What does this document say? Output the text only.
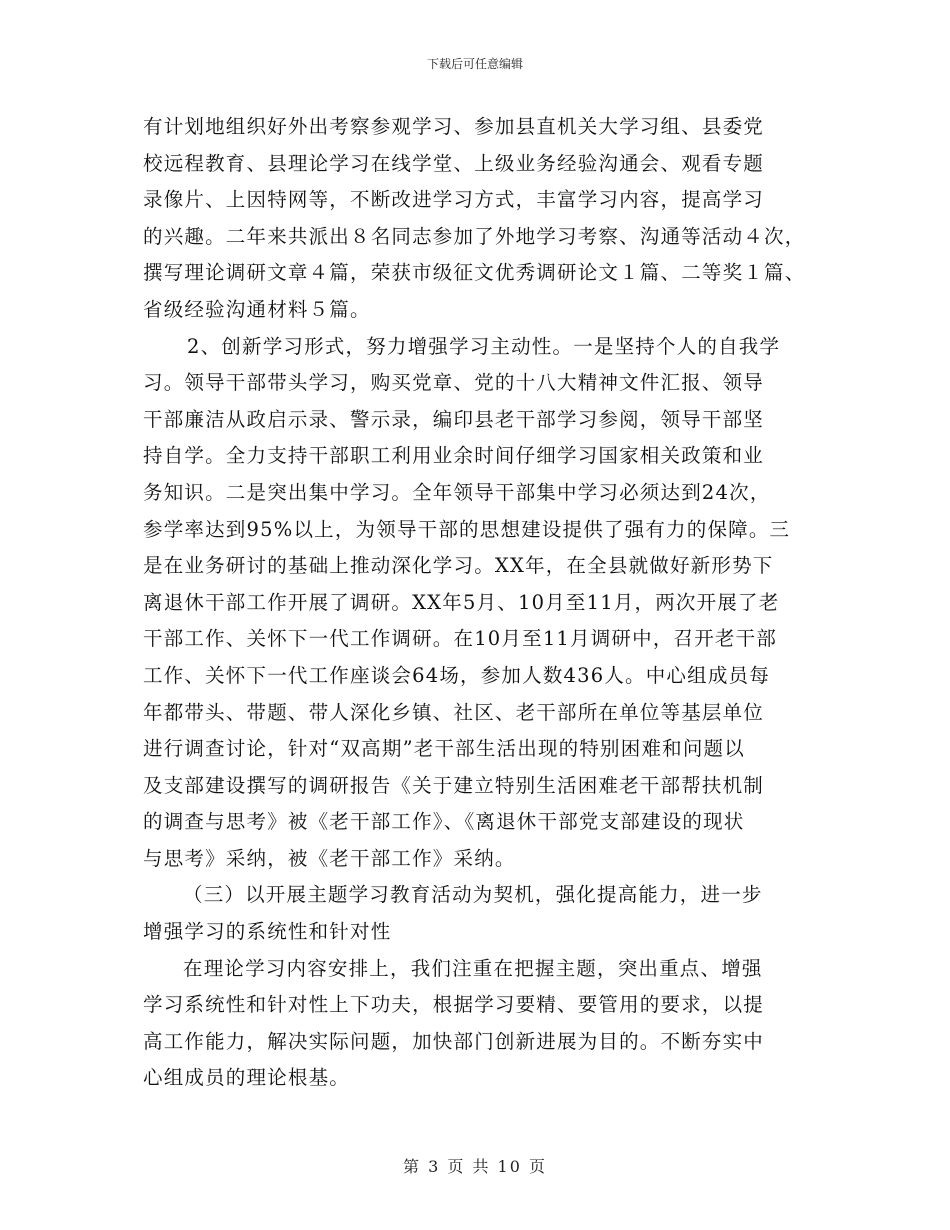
下载后可任意编辑
有计划地组织好外出考察参观学习、参加县直机关大学习组、县委党
校远程教育、县理论学习在线学堂、上级业务经验沟通会、观看专题
录像片、上因特网等，不断改进学习方式，丰富学习内容，提高学习
的兴趣。二年来共派出８名同志参加了外地学习考察、沟通等活动４次，
撰写理论调研文章４篇，荣获市级征文优秀调研论文１篇、二等奖１篇、
省级经验沟通材料５篇。
2、创新学习形式，努力增强学习主动性。一是坚持个人的自我学
习。领导干部带头学习，购买党章、党的十八大精神文件汇报、领导
干部廉洁从政启示录、警示录，编印县老干部学习参阅，领导干部坚
持自学。全力支持干部职工利用业余时间仔细学习国家相关政策和业
务知识。二是突出集中学习。全年领导干部集中学习必须达到24次，
参学率达到95%以上，为领导干部的思想建设提供了强有力的保障。三
是在业务研讨的基础上推动深化学习。XX年，在全县就做好新形势下
离退休干部工作开展了调研。XX年5月、10月至11月，两次开展了老
干部工作、关怀下一代工作调研。在10月至11月调研中，召开老干部
工作、关怀下一代工作座谈会64场，参加人数436人。中心组成员每
年都带头、带题、带人深化乡镇、社区、老干部所在单位等基层单位
进行调查讨论，针对“双高期”老干部生活出现的特别困难和问题以
及支部建设撰写的调研报告《关于建立特别生活困难老干部帮扶机制
的调查与思考》被《老干部工作》、《离退休干部党支部建设的现状
与思考》采纳，被《老干部工作》采纳。
（三）以开展主题学习教育活动为契机，强化提高能力，进一步
增强学习的系统性和针对性
在理论学习内容安排上，我们注重在把握主题，突出重点、增强
学习系统性和针对性上下功夫，根据学习要精、要管用的要求，以提
高工作能力，解决实际问题，加快部门创新进展为目的。不断夯实中
心组成员的理论根基。
第 3 页 共 10 页
